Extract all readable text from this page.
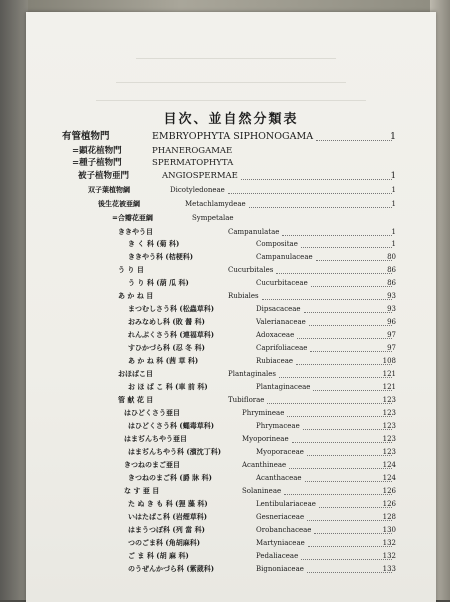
目次、並自然分類表
有管植物門	EMBRYOPHYTA SIPHONOGAMA	1
=顕花植物門	PHANEROGAMAE
=種子植物門	SPERMATOPHYTA
被子植物亜門	ANGIOSPERMAE	1
双子葉植物綱	Dicotyledoneae	1
後生花被亜綱	Metachlamydeae	1
=合瓣花亜綱	Sympetalae
ききやう目	Campanulatae	1
き く 科 (菊 科)	Compositae	1
ききやう科 (桔梗科)	Campanulaceae	80
う り 目	Cucurbitales	86
う り 科 (葫 瓜 科)	Cucurbitaceae	86
あ か ね 目	Rubiales	93
まつむしさう科 (松蟲草科)	Dipsacaceae	93
おみなめし科 (敗 醤 科)	Valerianaceae	96
れんぷくさう科 (連福草科)	Adoxaceae	97
すひかづら科 (忍 冬 科)	Caprifoliaceae	97
あ か ね 科 (茜 草 科)	Rubiaceae	108
おほばこ目	Plantaginales	121
お ほ ば こ 科 (車 前 科)	Plantaginaceae	121
管 献 花 目	Tubiflorae	123
はひどくさう亜目	Phrymineae	123
はひどくさう科 (蠅毒草科)	Phrymaceae	123
はまぢんちやう亜目	Myoporineae	123
はまぢんちやう科 (濱沈丁科)	Myoporaceae	123
きつねのまご亜目	Acanthineae	124
きつねのまご科 (爵 牀 科)	Acanthaceae	124
な す 亜 目	Solanineae	126
た ぬ き も 科 (狸 藻 科)	Lentibulariaceae	126
いはたばこ科 (岩煙草科)	Gesneriaceae	128
はまうつぼ科 (列 當 科)	Orobanchaceae	130
つのごま科 (角胡麻科)	Martyniaceae	132
ご ま 科 (胡 麻 科)	Pedaliaceae	132
のうぜんかづら科 (紫葳科)	Bignoniaceae	133
